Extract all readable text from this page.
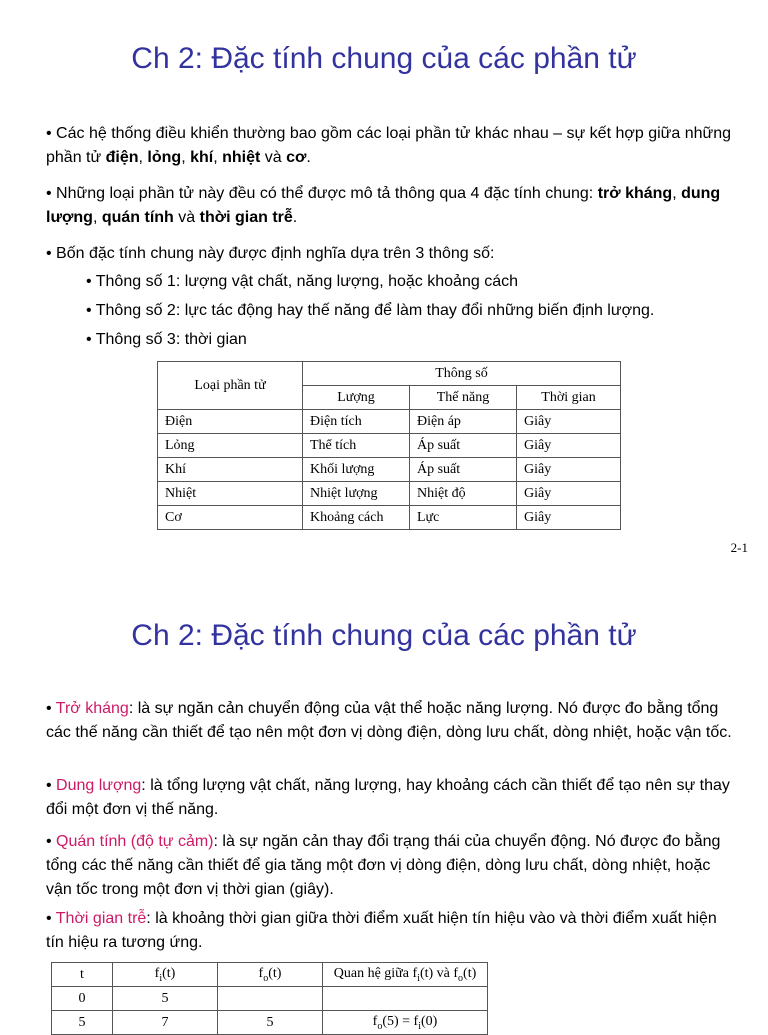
Ch 2: Đặc tính chung của các phần tử

• Các hệ thống điều khiển thường bao gồm các loại phần tử khác nhau – sự kết hợp giữa những phần tử điện, lỏng, khí, nhiệt và cơ.

• Những loại phần tử này đều có thể được mô tả thông qua 4 đặc tính chung: trở kháng, dung lượng, quán tính và thời gian trễ.

• Bốn đặc tính chung này được định nghĩa dựa trên 3 thông số:

• Thông số 1: lượng vật chất, năng lượng, hoặc khoảng cách

• Thông số 2: lực tác động hay thế năng để làm thay đổi những biến định lượng.

• Thông số 3: thời gian

Loại phần tử	Thông số		
	Lượng	Thế năng	Thời gian
Điện	Điện tích	Điện áp	Giây
Lỏng	Thể tích	Áp suất	Giây
Khí	Khối lượng	Áp suất	Giây
Nhiệt	Nhiệt lượng	Nhiệt độ	Giây
Cơ	Khoảng cách	Lực	Giây
2-1
Ch 2: Đặc tính chung của các phần tử

• Trở kháng: là sự ngăn cản chuyển động của vật thể hoặc năng lượng. Nó được đo bằng tổng các thế năng cần thiết để tạo nên một đơn vị dòng điện, dòng lưu chất, dòng nhiệt, hoặc vận tốc.

• Dung lượng: là tổng lượng vật chất, năng lượng, hay khoảng cách cần thiết để tạo nên sự thay đổi một đơn vị thế năng.

• Quán tính (độ tự cảm): là sự ngăn cản thay đổi trạng thái của chuyển động. Nó được đo bằng tổng các thế năng cần thiết để gia tăng một đơn vị dòng điện, dòng lưu chất, dòng nhiệt, hoặc vận tốc trong một đơn vị thời gian (giây).

• Thời gian trễ: là khoảng thời gian giữa thời điểm xuất hiện tín hiệu vào và thời điểm xuất hiện tín hiệu ra tương ứng.

t	$f_i(t)$	$f_o(t)$	Quan hệ giữa $f_i(t)$ và $f_o(t)$
0	5		
5	7	5	$f_o(5) = f_i(0)$
